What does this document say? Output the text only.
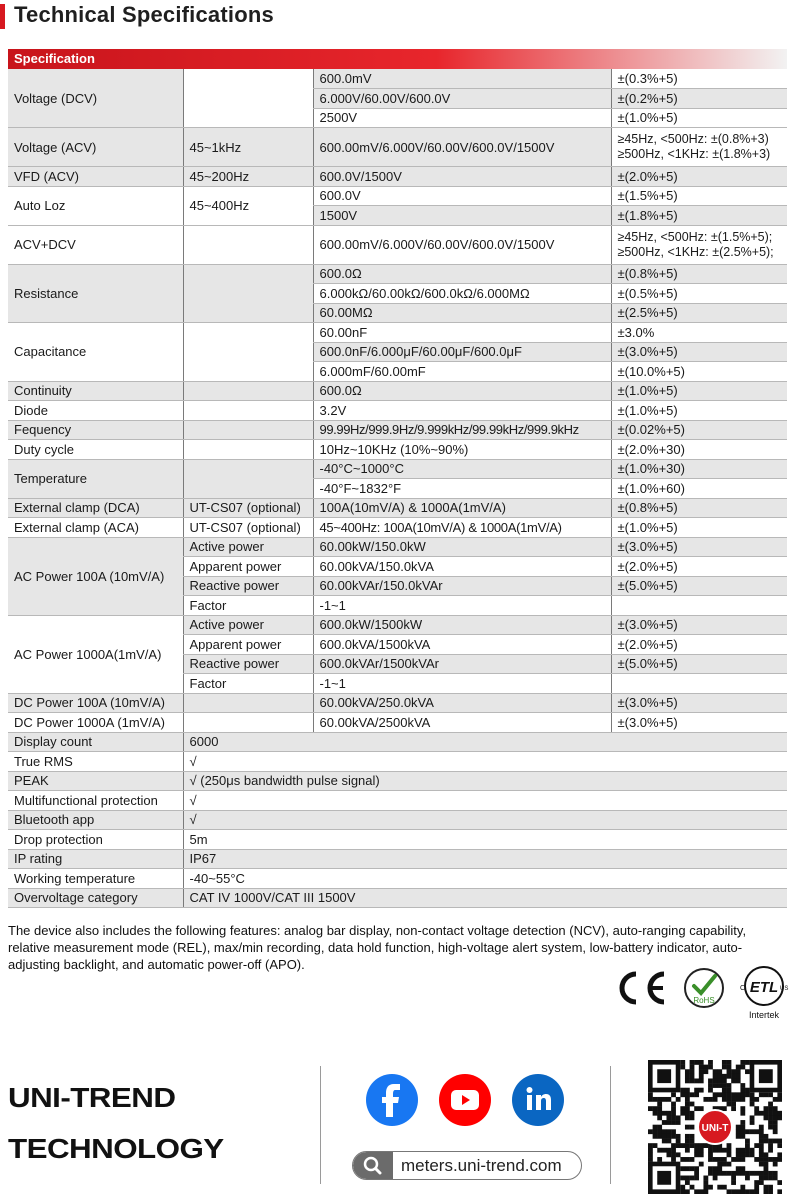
Technical Specifications
Specification
Voltage (DCV)		600.0mV	±(0.3%+5)
		6.000V/60.00V/600.0V	±(0.2%+5)
		2500V	±(1.0%+5)
Voltage (ACV)	45~1kHz	600.00mV/6.000V/60.00V/600.0V/1500V	≥45Hz, <500Hz: ±(0.8%+3)
≥500Hz, <1KHz: ±(1.8%+3)

VFD (ACV)	45~200Hz	600.0V/1500V	±(2.0%+5)
Auto Loz	45~400Hz	600.0V	±(1.5%+5)
		1500V	±(1.8%+5)
ACV+DCV		600.00mV/6.000V/60.00V/600.0V/1500V	≥45Hz, <500Hz: ±(1.5%+5);
≥500Hz, <1KHz: ±(2.5%+5);

Resistance		600.0Ω	±(0.8%+5)
		6.000kΩ/60.00kΩ/600.0kΩ/6.000MΩ	±(0.5%+5)
		60.00MΩ	±(2.5%+5)
Capacitance		60.00nF	±3.0%
		600.0nF/6.000μF/60.00μF/600.0μF	±(3.0%+5)
		6.000mF/60.00mF	±(10.0%+5)
Continuity		600.0Ω	±(1.0%+5)
Diode		3.2V	±(1.0%+5)
Fequency		99.99Hz/999.9Hz/9.999kHz/99.99kHz/999.9kHz	±(0.02%+5)
Duty cycle		10Hz~10KHz (10%~90%)	±(2.0%+30)
Temperature		-40°C~1000°C	±(1.0%+30)
		-40°F~1832°F	±(1.0%+60)
External clamp (DCA)	UT-CS07 (optional)	100A(10mV/A) & 1000A(1mV/A)	±(0.8%+5)
External clamp (ACA)	UT-CS07 (optional)	45~400Hz: 100A(10mV/A) & 1000A(1mV/A)	±(1.0%+5)
AC Power 100A (10mV/A)	Active power	60.00kW/150.0kW	±(3.0%+5)
	Apparent power	60.00kVA/150.0kVA	±(2.0%+5)
	Reactive power	60.00kVAr/150.0kVAr	±(5.0%+5)
	Factor	-1~1	
AC Power 1000A(1mV/A)	Active power	600.0kW/1500kW	±(3.0%+5)
	Apparent power	600.0kVA/1500kVA	±(2.0%+5)
	Reactive power	600.0kVAr/1500kVAr	±(5.0%+5)
	Factor	-1~1	
DC Power 100A (10mV/A)		60.00kVA/250.0kVA	±(3.0%+5)
DC Power 1000A (1mV/A)		60.00kVA/2500kVA	±(3.0%+5)
Display count	6000		
True RMS	√		
PEAK	√ (250μs bandwidth pulse signal)		
Multifunctional protection	√		
Bluetooth app	√		
Drop protection	5m		
IP rating	IP67		
Working temperature	-40~55°C		
Overvoltage category	CAT IV 1000V/CAT III 1500V		
The device also includes the following features: analog bar display, non-contact voltage detection (NCV), auto-ranging capability, relative measurement mode (REL), max/min recording, data hold function, high-voltage alert system, low-battery indicator, auto-adjusting backlight, and automatic power-off (APO).
RoHS
ETL
C	US
Intertek
UNI-TREND
TECHNOLOGY
meters.uni-trend.com
UNI-T
